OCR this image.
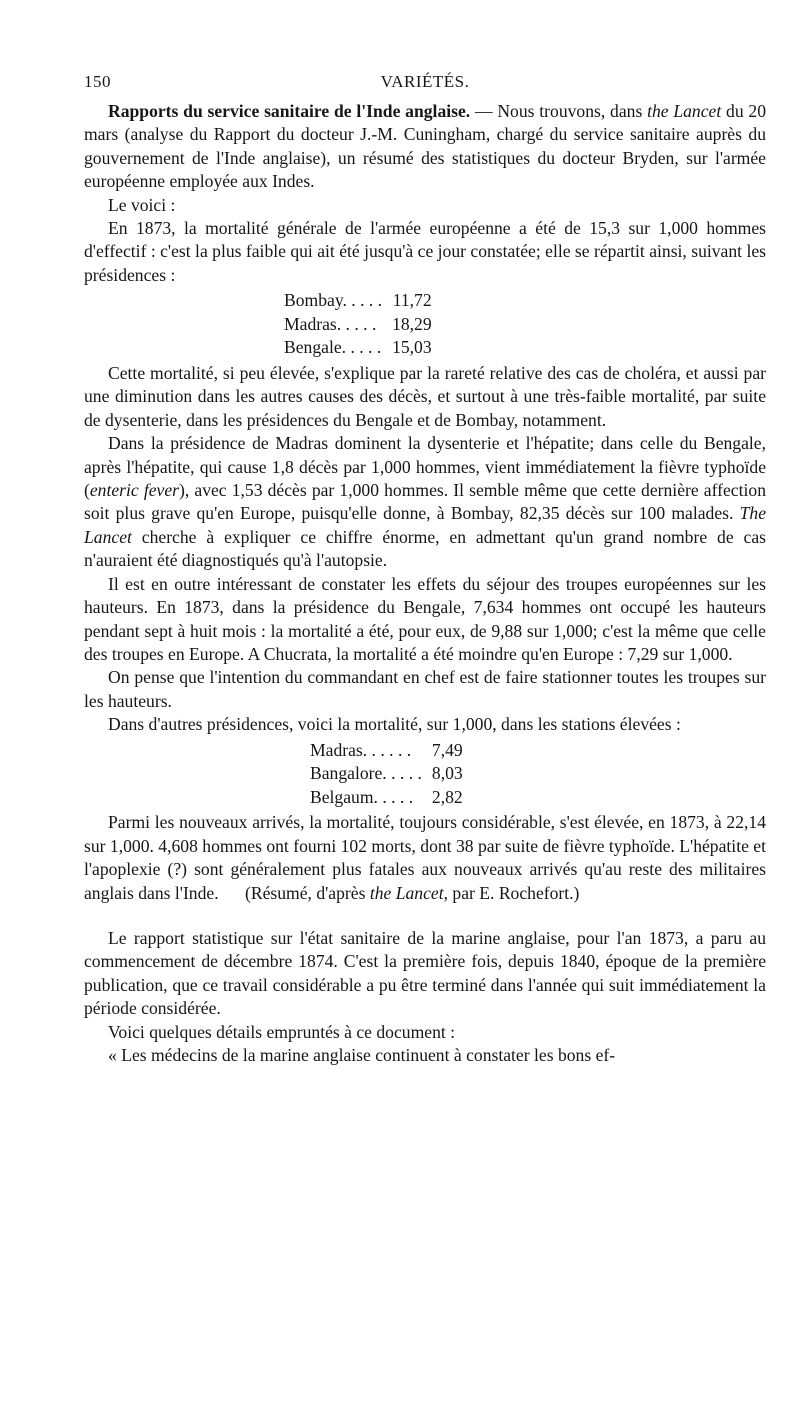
150	VARIÉTÉS.

Rapports du service sanitaire de l'Inde anglaise. — Nous trouvons, dans the Lancet du 20 mars (analyse du Rapport du docteur J.-M. Cuningham, chargé du service sanitaire auprès du gouvernement de l'Inde anglaise), un résumé des statistiques du docteur Bryden, sur l'armée européenne employée aux Indes.

Le voici :

En 1873, la mortalité générale de l'armée européenne a été de 15,3 sur 1,000 hommes d'effectif : c'est la plus faible qui ait été jusqu'à ce jour constatée; elle se répartit ainsi, suivant les présidences :

Bombay. . . . .	11,72
Madras. . . . .	18,29
Bengale. . . . .	15,03

Cette mortalité, si peu élevée, s'explique par la rareté relative des cas de choléra, et aussi par une diminution dans les autres causes des décès, et surtout à une très-faible mortalité, par suite de dysenterie, dans les présidences du Bengale et de Bombay, notamment.

Dans la présidence de Madras dominent la dysenterie et l'hépatite; dans celle du Bengale, après l'hépatite, qui cause 1,8 décès par 1,000 hommes, vient immédiatement la fièvre typhoïde (enteric fever), avec 1,53 décès par 1,000 hommes. Il semble même que cette dernière affection soit plus grave qu'en Europe, puisqu'elle donne, à Bombay, 82,35 décès sur 100 malades. The Lancet cherche à expliquer ce chiffre énorme, en admettant qu'un grand nombre de cas n'auraient été diagnostiqués qu'à l'autopsie.

Il est en outre intéressant de constater les effets du séjour des troupes européennes sur les hauteurs. En 1873, dans la présidence du Bengale, 7,634 hommes ont occupé les hauteurs pendant sept à huit mois : la mortalité a été, pour eux, de 9,88 sur 1,000; c'est la même que celle des troupes en Europe. A Chucrata, la mortalité a été moindre qu'en Europe : 7,29 sur 1,000.

On pense que l'intention du commandant en chef est de faire stationner toutes les troupes sur les hauteurs.

Dans d'autres présidences, voici la mortalité, sur 1,000, dans les stations élevées :

Madras. . . . . .	7,49
Bangalore. . . . .	8,03
Belgaum. . . . .	2,82

Parmi les nouveaux arrivés, la mortalité, toujours considérable, s'est élevée, en 1873, à 22,14 sur 1,000. 4,608 hommes ont fourni 102 morts, dont 38 par suite de fièvre typhoïde. L'hépatite et l'apoplexie (?) sont généralement plus fatales aux nouveaux arrivés qu'au reste des militaires anglais dans l'Inde.      (Résumé, d'après the Lancet, par E. Rochefort.)

Le rapport statistique sur l'état sanitaire de la marine anglaise, pour l'an 1873, a paru au commencement de décembre 1874. C'est la première fois, depuis 1840, époque de la première publication, que ce travail considérable a pu être terminé dans l'année qui suit immédiatement la période considérée.

Voici quelques détails empruntés à ce document :

« Les médecins de la marine anglaise continuent à constater les bons ef-
